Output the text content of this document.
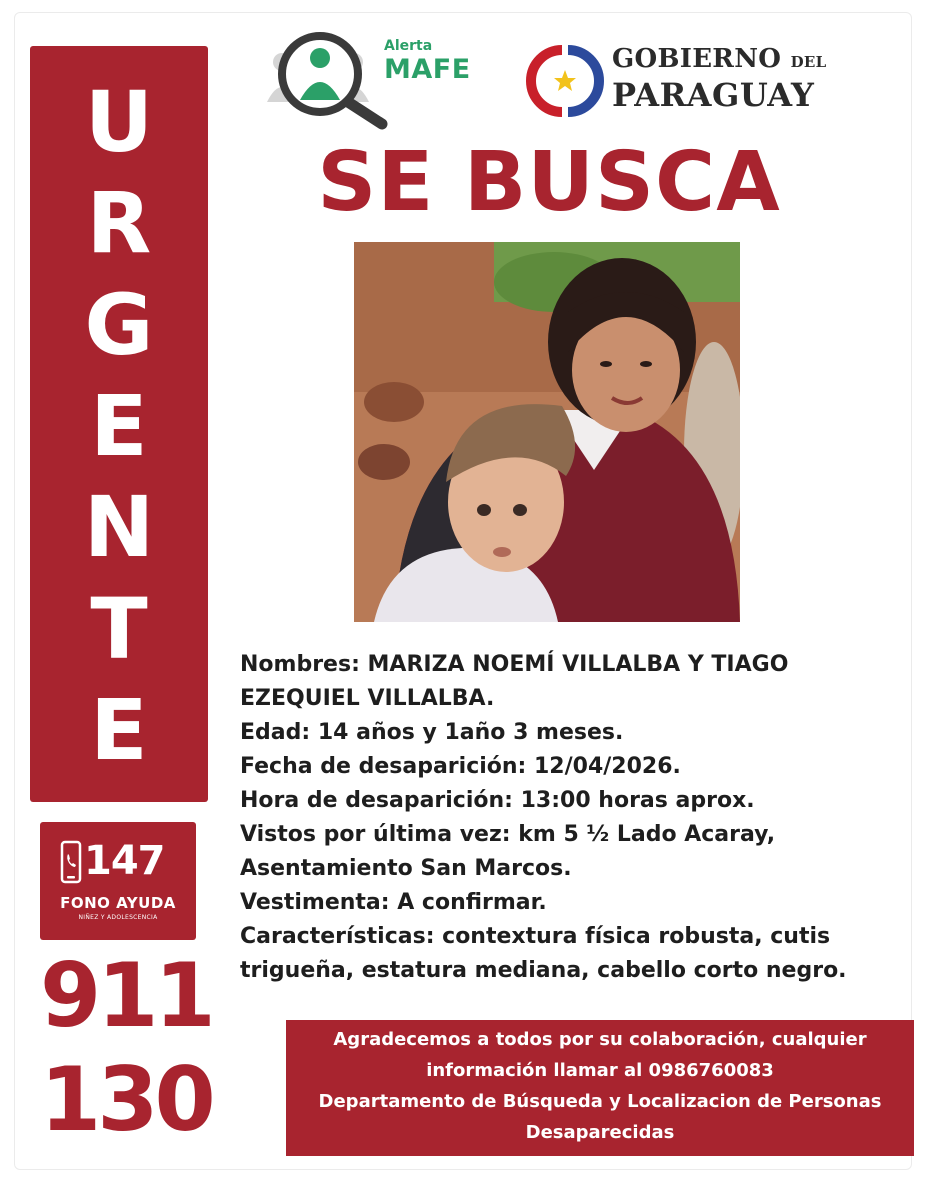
U
R
G
E
N
T
E
147
FONO AYUDA
NIÑEZ Y ADOLESCENCIA
911
130
Alerta
MAFE	GOBIERNO DEL
PARAGUAY
SE BUSCA

Nombres: MARIZA NOEMÍ VILLALBA Y TIAGO EZEQUIEL VILLALBA.

Edad: 14 años y 1año 3 meses.

Fecha de desaparición: 12/04/2026.

Hora de desaparición: 13:00 horas aprox.

Vistos por última vez: km 5 ½ Lado Acaray, Asentamiento San Marcos.

Vestimenta: A confirmar.

Características: contextura física robusta, cutis trigueña, estatura mediana, cabello corto negro.

Agradecemos a todos por su colaboración, cualquier

información llamar al 0986760083

Departamento de Búsqueda y Localizacion de Personas

Desaparecidas
